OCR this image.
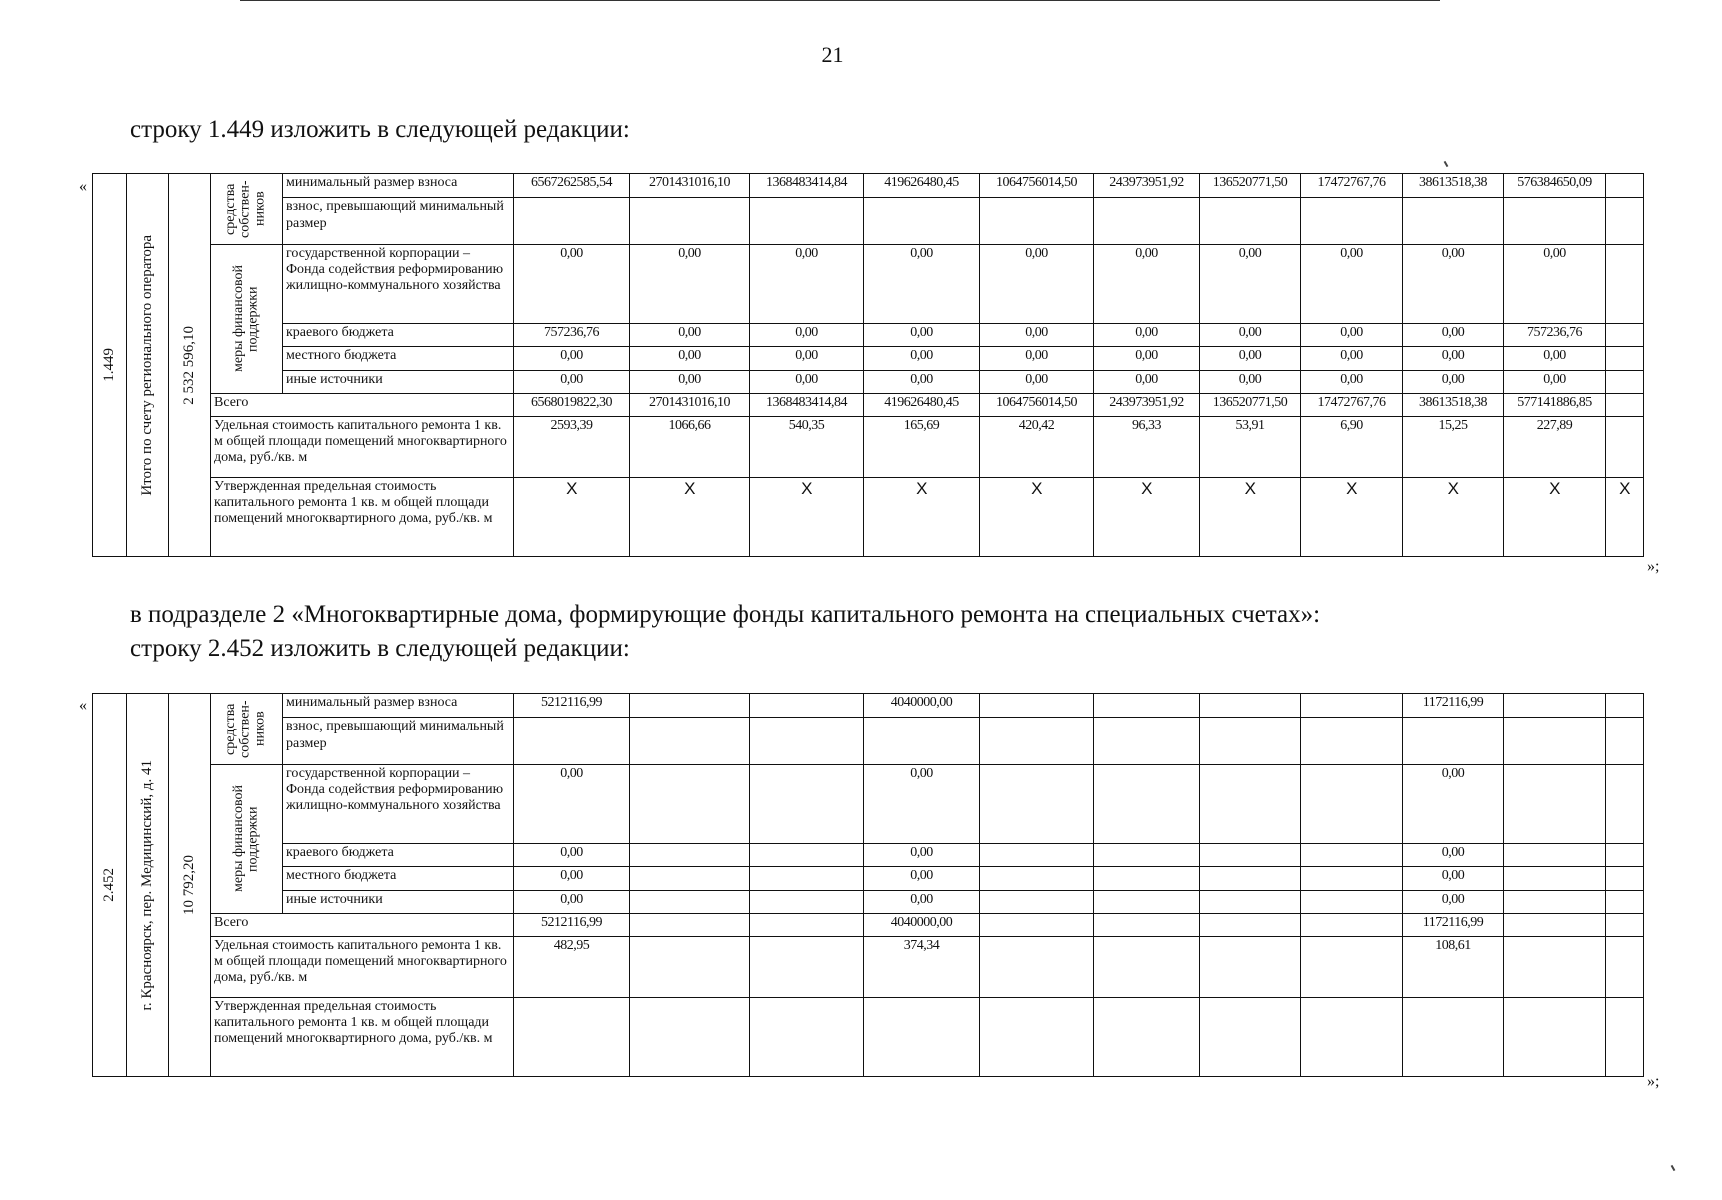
21
строку 1.449 изложить в следующей редакции:
«
1.449	Итого по счету регионального оператора	2 532 596,10	средства собствен-ников	минимальный размер взноса	6567262585,54	2701431016,10	1368483414,84	419626480,45	1064756014,50	243973951,92	136520771,50	17472767,76	38613518,38	576384650,09	
				взнос, превышающий минимальный размер											

			меры финансовой поддержки	государственной корпорации – Фонда содействия реформированию жилищно-коммунального хозяйства	0,00	0,00	0,00	0,00	0,00	0,00	0,00	0,00	0,00	0,00	
				краевого бюджета	757236,76	0,00	0,00	0,00	0,00	0,00	0,00	0,00	0,00	757236,76	
				местного бюджета	0,00	0,00	0,00	0,00	0,00	0,00	0,00	0,00	0,00	0,00	
				иные источники	0,00	0,00	0,00	0,00	0,00	0,00	0,00	0,00	0,00	0,00	
			Всего		6568019822,30	2701431016,10	1368483414,84	419626480,45	1064756014,50	243973951,92	136520771,50	17472767,76	38613518,38	577141886,85	
			Удельная стоимость капитального ремонта 1 кв. м общей площади помещений многоквартирного дома, руб./кв. м		2593,39	1066,66	540,35	165,69	420,42	96,33	53,91	6,90	15,25	227,89	
			Утвержденная предельная стоимость капитального ремонта 1 кв. м общей площади помещений многоквартирного дома, руб./кв. м		X	X	X	X	X	X	X	X	X	X	X
»;
в подразделе 2 «Многоквартирные дома, формирующие фонды капитального ремонта на специальных счетах»:
строку 2.452 изложить в следующей редакции:
«
2.452	г. Красноярск, пер. Медицинский, д. 41	10 792,20	средства собствен-ников	минимальный размер взноса	5212116,99			4040000,00					1172116,99		
				взнос, превышающий минимальный размер											

			меры финансовой поддержки	государственной корпорации – Фонда содействия реформированию жилищно-коммунального хозяйства	0,00			0,00					0,00		
				краевого бюджета	0,00			0,00					0,00		
				местного бюджета	0,00			0,00					0,00		
				иные источники	0,00			0,00					0,00		
			Всего		5212116,99			4040000,00					1172116,99		
			Удельная стоимость капитального ремонта 1 кв. м общей площади помещений многоквартирного дома, руб./кв. м		482,95			374,34					108,61		
			Утвержденная предельная стоимость капитального ремонта 1 кв. м общей площади помещений многоквартирного дома, руб./кв. м												
»;
